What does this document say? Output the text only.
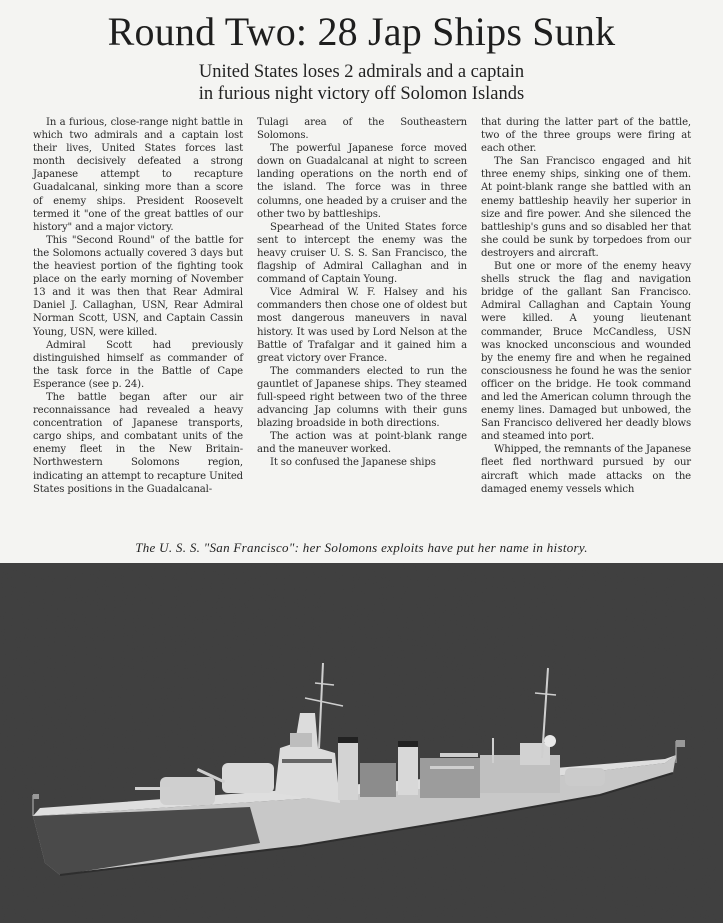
Round Two: 28 Jap Ships Sunk
United States loses 2 admirals and a captain
in furious night victory off Solomon Islands

In a furious, close-range night battle in which two admirals and a captain lost their lives, United States forces last month decisively defeated a strong Japanese attempt to recapture Guadalcanal, sinking more than a score of enemy ships. President Roosevelt termed it "one of the great battles of our history" and a major victory.

This "Second Round" of the battle for the Solomons actually covered 3 days but the heaviest portion of the fighting took place on the early morning of November 13 and it was then that Rear Admiral Daniel J. Callaghan, USN, Rear Admiral Norman Scott, USN, and Captain Cassin Young, USN, were killed.

Admiral Scott had previously distinguished himself as commander of the task force in the Battle of Cape Esperance (see p. 24).

The battle began after our air reconnaissance had revealed a heavy concentration of Japanese transports, cargo ships, and combatant units of the enemy fleet in the New Britain-Northwestern Solomons region, indicating an attempt to recapture United States positions in the Guadalcanal-

Tulagi area of the Southeastern Solomons.

The powerful Japanese force moved down on Guadalcanal at night to screen landing operations on the north end of the island. The force was in three columns, one headed by a cruiser and the other two by battleships.

Spearhead of the United States force sent to intercept the enemy was the heavy cruiser U. S. S. San Francisco, the flagship of Admiral Callaghan and in command of Captain Young.

Vice Admiral W. F. Halsey and his commanders then chose one of oldest but most dangerous maneuvers in naval history. It was used by Lord Nelson at the Battle of Trafalgar and it gained him a great victory over France.

The commanders elected to run the gauntlet of Japanese ships. They steamed full-speed right between two of the three advancing Jap columns with their guns blazing broadside in both directions.

The action was at point-blank range and the maneuver worked.

It so confused the Japanese ships

that during the latter part of the battle, two of the three groups were firing at each other.

The San Francisco engaged and hit three enemy ships, sinking one of them. At point-blank range she battled with an enemy battleship heavily her superior in size and fire power. And she silenced the battleship's guns and so disabled her that she could be sunk by torpedoes from our destroyers and aircraft.

But one or more of the enemy heavy shells struck the flag and navigation bridge of the gallant San Francisco. Admiral Callaghan and Captain Young were killed. A young lieutenant commander, Bruce McCandless, USN was knocked unconscious and wounded by the enemy fire and when he regained consciousness he found he was the senior officer on the bridge. He took command and led the American column through the enemy lines. Damaged but unbowed, the San Francisco delivered her deadly blows and steamed into port.

Whipped, the remnants of the Japanese fleet fled northward pursued by our aircraft which made attacks on the damaged enemy vessels which

The U. S. S. "San Francisco": her Solomons exploits have put her name in history.
